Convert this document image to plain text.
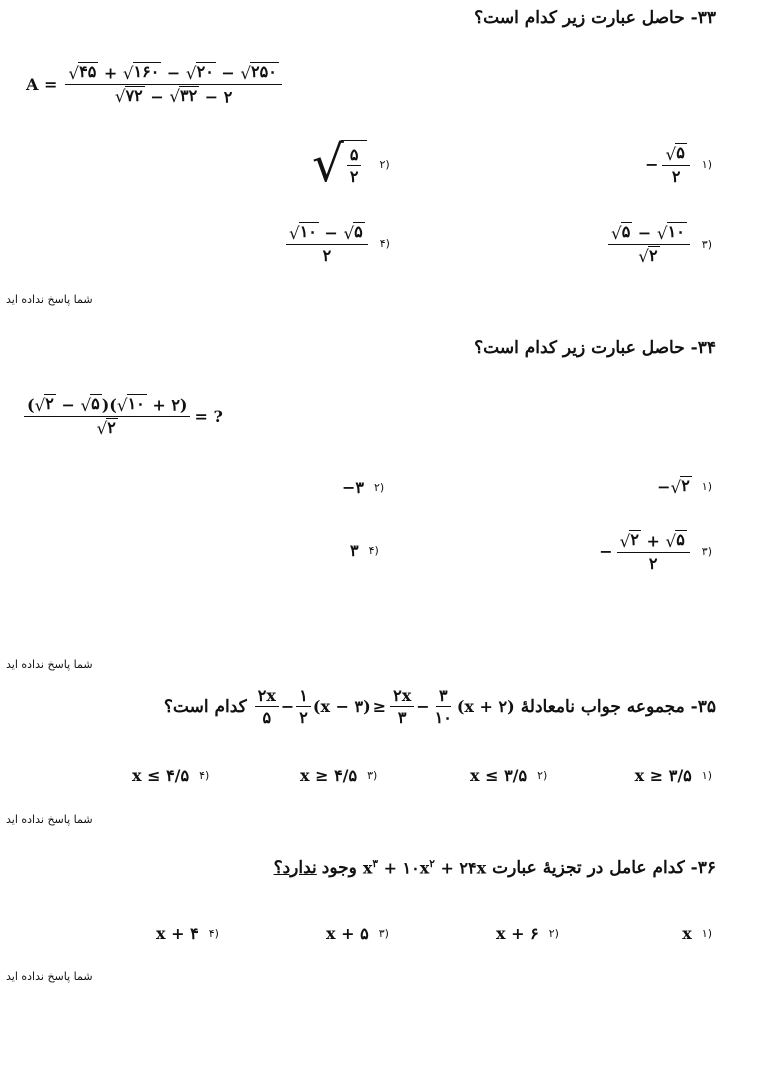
۳۳- حاصل عبارت زیر کدام است؟
$A = \frac{√ ۴۵ + √ ۱۶۰ - √ ۲۰ - √ ۲۵۰}{√ ۷۲ - √ ۳۲ - ۲}$
− $\frac{√ ۵}{۲}$ (۱
√ $\frac{۵}{۲}$ (۲
$\frac{√ ۵ - √ ۱۰}{√ ۲}$ (۳
$\frac{√ ۱۰ - √ ۵}{۲}$ (۴
شما پاسخ نداده اید
۳۴- حاصل عبارت زیر کدام است؟
$\frac{( √ ۲ - √ ۵ )( √ ۱۰ + ۲)}{√ ۲}$ = ?
− √ ۲ (۱
−۳ (۲
− $\frac{√ ۲ + √ ۵}{۲}$ (۳
۳ (۴
شما پاسخ نداده اید
۳۵- مجموعه جواب نامعادلهٔ
$\frac{۲x}{۵} - \frac{۱}{۲} (x$ − ۳) ≥ $\frac{۲x}{۳} - \frac{۳}{۱۰} (x$ + ۲)
کدام است؟
x ≥ ۳/۵ (۱
x ≤ ۳/۵ (۲
x ≥ ۴/۵ (۳
x ≤ ۴/۵ (۴
شما پاسخ نداده اید
۳۶- کدام عامل در تجزیهٔ عبارت
$x^۳$ + $۱۰x^۲$ + ۲۴x
وجود
ندارد؟
x (۱
x + ۶ (۲
x + ۵ (۳
x + ۴ (۴
شما پاسخ نداده اید
